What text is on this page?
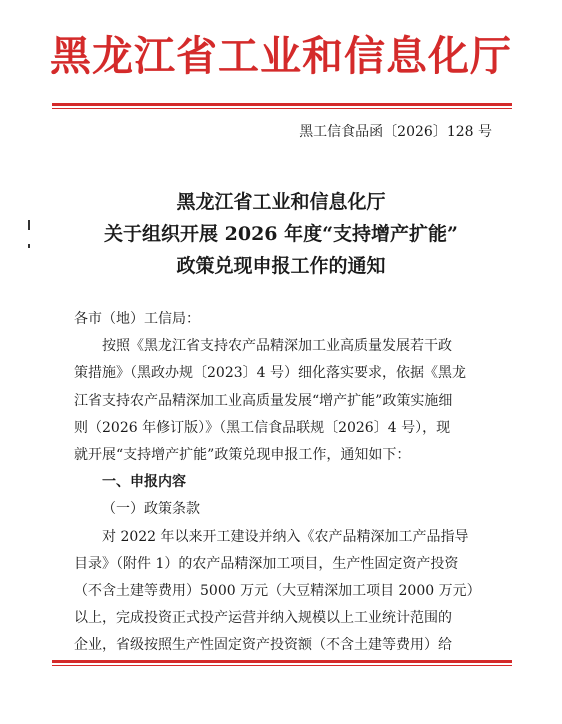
黑龙江省工业和信息化厅
黑工信食品函〔2026〕128 号
黑龙江省工业和信息化厅
关于组织开展 2026 年度“支持增产扩能”
政策兑现申报工作的通知
各市（地）工信局：
按照《黑龙江省支持农产品精深加工业高质量发展若干政
策措施》（黑政办规〔2023〕4 号）细化落实要求，依据《黑龙
江省支持农产品精深加工业高质量发展“增产扩能”政策实施细
则（2026 年修订版）》（黑工信食品联规〔2026〕4 号），现
就开展“支持增产扩能”政策兑现申报工作，通知如下：
一、申报内容
（一）政策条款
对 2022 年以来开工建设并纳入《农产品精深加工产品指导
目录》（附件 1）的农产品精深加工项目，生产性固定资产投资
（不含土建等费用）5000 万元（大豆精深加工项目 2000 万元）
以上，完成投资正式投产运营并纳入规模以上工业统计范围的
企业，省级按照生产性固定资产投资额（不含土建等费用）给
